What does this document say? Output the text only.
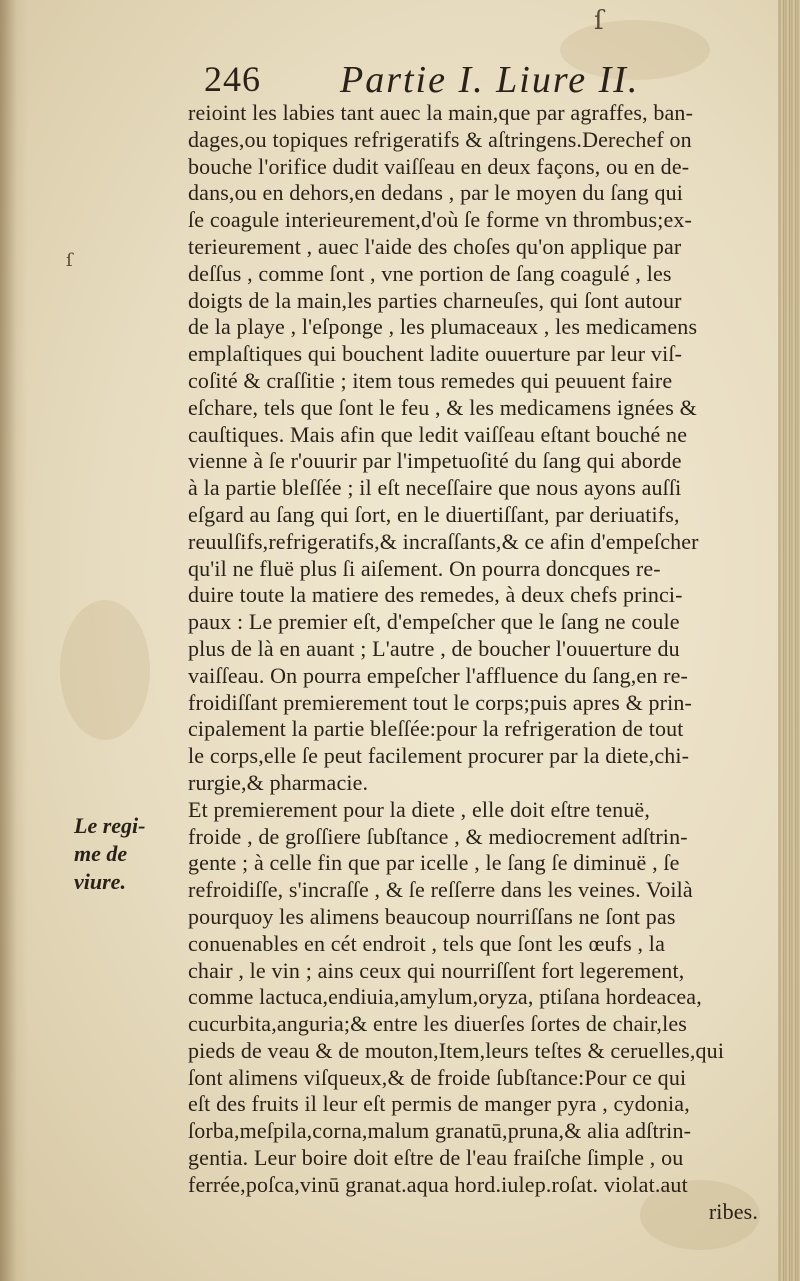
ſ
ſ
246 Partie I. Liure II.
Le regi-
me de
viure.
reioint les labies tant auec la main,que par agraffes, ban-
dages,ou topiques refrigeratifs & aſtringens.Derechef on
bouche l'orifice dudit vaiſſeau en deux façons, ou en de-
dans,ou en dehors,en dedans , par le moyen du ſang qui
ſe coagule interieurement,d'où ſe forme vn thrombus;ex-
terieurement , auec l'aide des choſes qu'on applique par
deſſus , comme ſont , vne portion de ſang coagulé , les
doigts de la main,les parties charneuſes, qui ſont autour
de la playe , l'eſponge , les plumaceaux , les medicamens
emplaſtiques qui bouchent ladite ouuerture par leur viſ-
coſité & craſſitie ; item tous remedes qui peuuent faire
eſchare, tels que ſont le feu , & les medicamens ignées &
cauſtiques. Mais afin que ledit vaiſſeau eſtant bouché ne
vienne à ſe r'ouurir par l'impetuoſité du ſang qui aborde
à la partie bleſſée ; il eſt neceſſaire que nous ayons auſſi
eſgard au ſang qui ſort, en le diuertiſſant, par deriuatifs,
reuulſifs,refrigeratifs,& incraſſants,& ce afin d'empeſcher
qu'il ne fluë plus ſi aiſement. On pourra doncques re-
duire toute la matiere des remedes, à deux chefs princi-
paux : Le premier eſt, d'empeſcher que le ſang ne coule
plus de là en auant ; L'autre , de boucher l'ouuerture du
vaiſſeau. On pourra empeſcher l'affluence du ſang,en re-
froidiſſant premierement tout le corps;puis apres & prin-
cipalement la partie bleſſée:pour la refrigeration de tout
le corps,elle ſe peut facilement procurer par la diete,chi-
rurgie,& pharmacie.
Et premierement pour la diete , elle doit eſtre tenuë,
froide , de groſſiere ſubſtance , & mediocrement adſtrin-
gente ; à celle fin que par icelle , le ſang ſe diminuë , ſe
refroidiſſe, s'incraſſe , & ſe reſſerre dans les veines. Voilà
pourquoy les alimens beaucoup nourriſſans ne ſont pas
conuenables en cét endroit , tels que ſont les œufs , la
chair , le vin ; ains ceux qui nourriſſent fort legerement,
comme lactuca,endiuia,amylum,oryza, ptiſana hordeacea,
cucurbita,anguria;& entre les diuerſes ſortes de chair,les
pieds de veau & de mouton,Item,leurs teſtes & ceruelles,qui
ſont alimens viſqueux,& de froide ſubſtance:Pour ce qui
eſt des fruits il leur eſt permis de manger pyra , cydonia,
ſorba,meſpila,corna,malum granatū,pruna,& alia adſtrin-
gentia. Leur boire doit eſtre de l'eau fraiſche ſimple , ou
ferrée,poſca,vinū granat.aqua hord.iulep.roſat. violat.aut
ribes.
